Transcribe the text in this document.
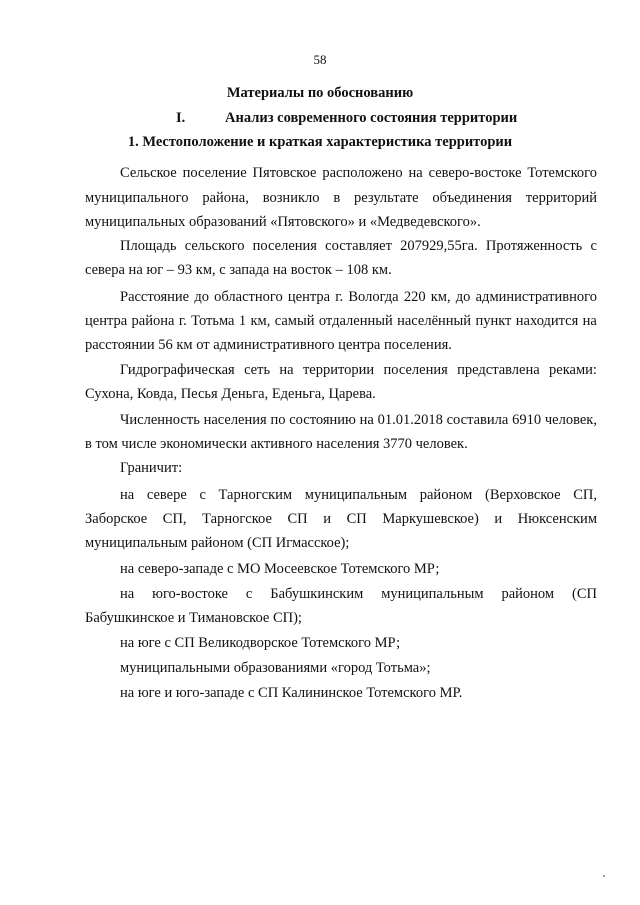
58
Материалы по обоснованию
I.	Анализ современного состояния территории
1. Местоположение и краткая характеристика территории
Сельское поселение Пятовское расположено на северо-востоке Тотемского
муниципального района, возникло в результате объединения территорий
муниципальных образований «Пятовского» и «Медведевского».
Площадь сельского поселения составляет 207929,55га. Протяженность с
севера на юг – 93 км, с запада на восток – 108 км.
Расстояние до областного центра г. Вологда 220 км, до административного
центра района г. Тотьма 1 км, самый отдаленный населённый пункт находится на
расстоянии 56 км от административного центра поселения.
Гидрографическая сеть на территории поселения представлена реками:
Сухона, Ковда, Песья Деньга, Еденьга, Царева.
Численность населения по состоянию на 01.01.2018 составила 6910 человек,
в том числе экономически активного населения 3770 человек.
Граничит:
на севере с Тарногским муниципальным районом (Верховское СП,
Заборское СП, Тарногское СП и СП Маркушевское) и Нюксенским
муниципальным районом (СП Игмасское);
на северо-западе с МО Мосеевское Тотемского МР;
на юго-востоке с Бабушкинским муниципальным районом (СП
Бабушкинское и Тимановское СП);
на юге с СП Великодворское Тотемского МР;
муниципальными образованиями «город Тотьма»;
на юге и юго-западе с СП Калининское Тотемского МР.
